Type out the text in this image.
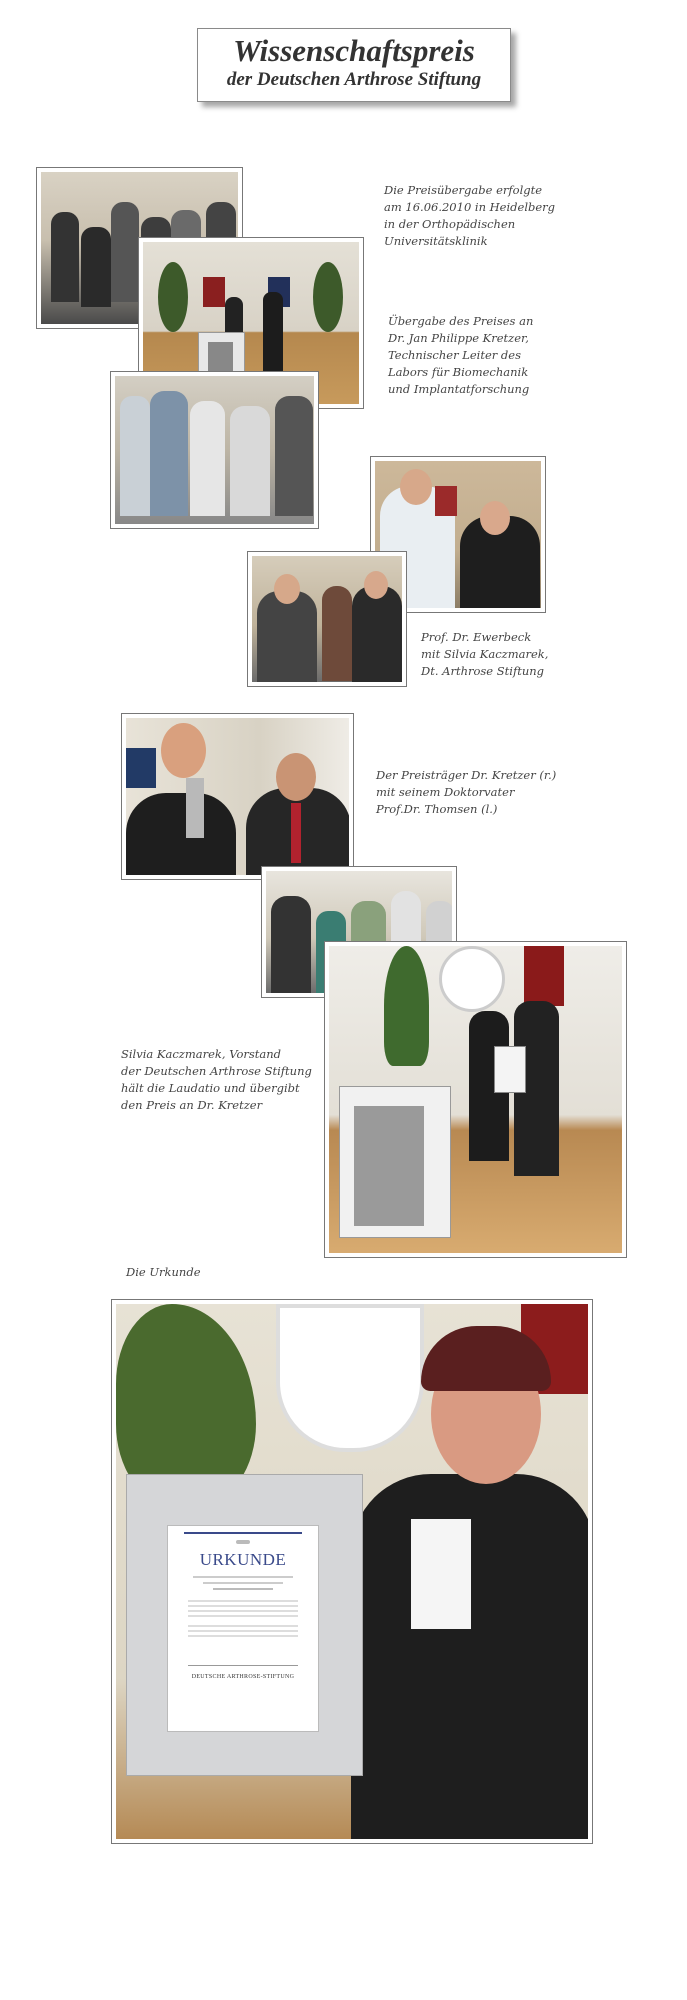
Wissenschaftspreis
der Deutschen Arthrose Stiftung
URKUNDE
DEUTSCHE ARTHROSE-STIFTUNG
Die Preisübergabe erfolgte
am 16.06.2010 in Heidelberg
in der Orthopädischen
Universitätsklinik
Übergabe des Preises an
Dr. Jan Philippe Kretzer,
Technischer Leiter des
Labors für Biomechanik
und Implantatforschung
Prof. Dr. Ewerbeck
mit Silvia Kaczmarek,
Dt. Arthrose Stiftung
Der Preisträger Dr. Kretzer (r.)
mit seinem Doktorvater
Prof.Dr. Thomsen (l.)
Silvia Kaczmarek, Vorstand
der Deutschen Arthrose Stiftung
hält die Laudatio und übergibt
den Preis an Dr. Kretzer
Die Urkunde
